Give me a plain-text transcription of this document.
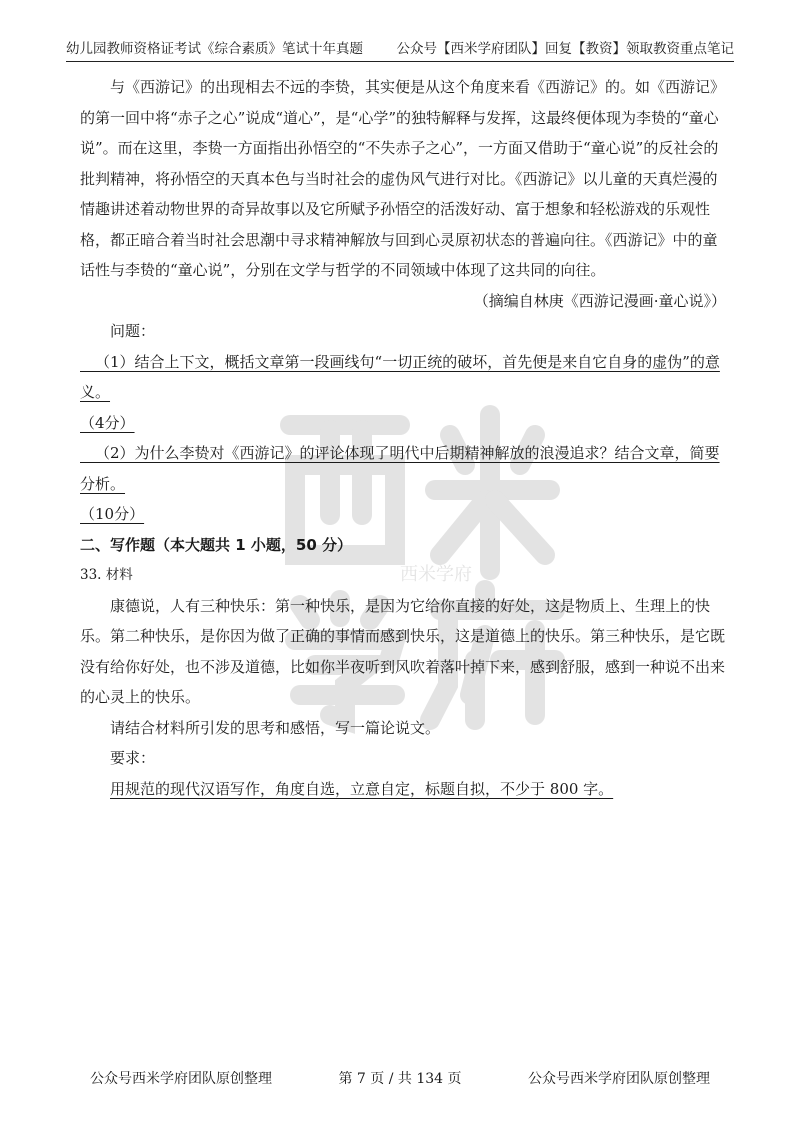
幼儿园教师资格证考试《综合素质》笔试十年真题 公众号【西米学府团队】回复【教资】领取教资重点笔记
西米学府

与《西游记》的出现相去不远的李贽，其实便是从这个角度来看《西游记》的。如《西游记》的第一回中将“赤子之心”说成“道心”，是“心学”的独特解释与发挥，这最终便体现为李贽的“童心说”。而在这里，李贽一方面指出孙悟空的“不失赤子之心”，一方面又借助于“童心说”的反社会的批判精神，将孙悟空的天真本色与当时社会的虚伪风气进行对比。《西游记》以儿童的天真烂漫的情趣讲述着动物世界的奇异故事以及它所赋予孙悟空的活泼好动、富于想象和轻松游戏的乐观性格，都正暗合着当时社会思潮中寻求精神解放与回到心灵原初状态的普遍向往。《西游记》中的童话性与李贽的“童心说”，分别在文学与哲学的不同领域中体现了这共同的向往。

（摘编自林庚《西游记漫画·童心说》）

问题：

 （1）结合上下文，概括文章第一段画线句“一切正统的破坏，首先便是来自它自身的虚伪”的意义。

（4分）

 （2）为什么李贽对《西游记》的评论体现了明代中后期精神解放的浪漫追求？结合文章，简要分析。

（10分）

二、写作题（本大题共 1 小题，50 分）

33. 材料

康德说，人有三种快乐：第一种快乐，是因为它给你直接的好处，这是物质上、生理上的快乐。第二种快乐，是你因为做了正确的事情而感到快乐，这是道德上的快乐。第三种快乐，是它既没有给你好处，也不涉及道德，比如你半夜听到风吹着落叶掉下来，感到舒服，感到一种说不出来的心灵上的快乐。

请结合材料所引发的思考和感悟，写一篇论说文。

要求：

用规范的现代汉语写作，角度自选，立意自定，标题自拟，不少于 800 字。

公众号西米学府团队原创整理	第 7 页 / 共 134 页	公众号西米学府团队原创整理
